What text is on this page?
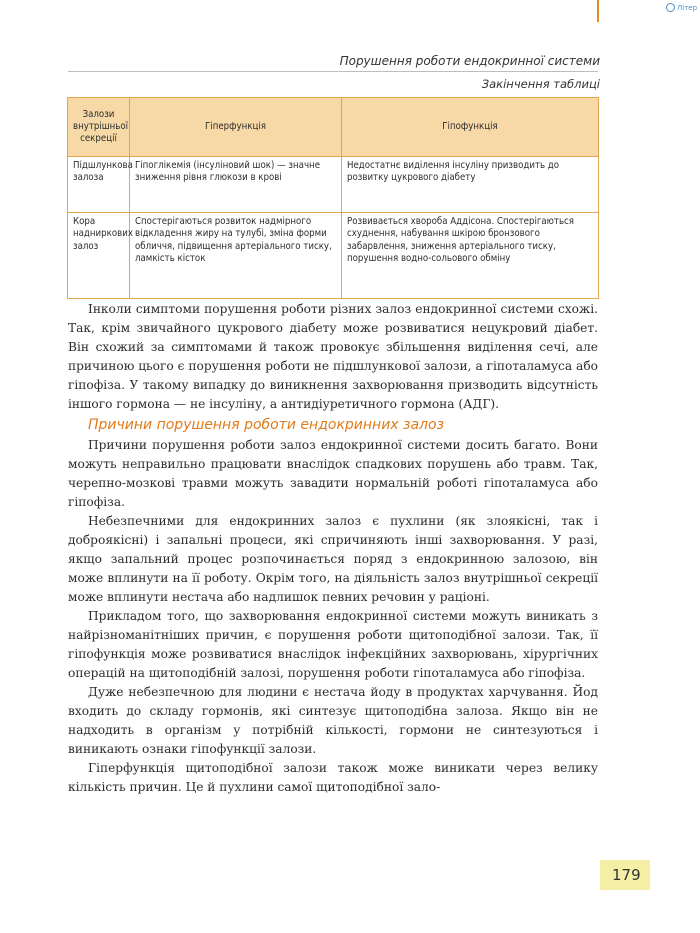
Літер
Порушення роботи ендокринної системи
Закінчення таблиці
Залози внутрішньої секреції	Гіперфункція	Гіпофункція
Підшлункова залоза	Гіпоглікемія (інсуліновий шок) — значне зниження рівня глюкози в крові	Недостатнє виділення інсуліну призводить до розвитку цукрового діабету
Кора надниркових залоз	Спостерігаються розвиток надмірного відкладення жиру на тулубі, зміна форми обличчя, підвищення артеріального тиску, ламкість кісток	Розвивається хвороба Аддісона. Спостерігаються схуднення, набування шкірою бронзового забарвлення, зниження артеріального тиску, порушення водно-сольового обміну

Інколи симптоми порушення роботи різних залоз ендокринної системи схожі. Так, крім звичайного цукрового діабету може розвиватися нецукровий діабет. Він схожий за симптомами й також провокує збільшення виділення сечі, але причиною цього є порушення роботи не підшлункової залози, а гіпоталамуса або гіпофіза. У такому випадку до виникнення захворювання призводить відсутність іншого гормона — не інсуліну, а антидіуретичного гормона (АДГ).

Причини порушення роботи ендокринних залоз

Причини порушення роботи залоз ендокринної системи досить багато. Вони можуть неправильно працювати внаслідок спадкових порушень або травм. Так, черепно-мозкові травми можуть завадити нормальній роботі гіпоталамуса або гіпофіза.

Небезпечними для ендокринних залоз є пухлини (як злоякісні, так і доброякісні) і запальні процеси, які спричиняють інші захворювання. У разі, якщо запальний процес розпочинається поряд з ендокринною залозою, він може вплинути на її роботу. Окрім того, на діяльність залоз внутрішньої секреції може вплинути нестача або надлишок певних речовин у раціоні.

Прикладом того, що захворювання ендокринної системи можуть виникать з найрізноманітніших причин, є порушення роботи щитоподібної залози. Так, її гіпофункція може розвиватися внаслідок інфекційних захворювань, хірургічних операцій на щитоподібній залозі, порушення роботи гіпоталамуса або гіпофіза.

Дуже небезпечною для людини є нестача йоду в продуктах харчування. Йод входить до складу гормонів, які синтезує щитоподібна залоза. Якщо він не надходить в організм у потрібній кількості, гормони не синтезуються і виникають ознаки гіпофункції залози.

Гіперфункція щитоподібної залози також може виникати через велику кількість причин. Це й пухлини самої щитоподібної зало-

179
